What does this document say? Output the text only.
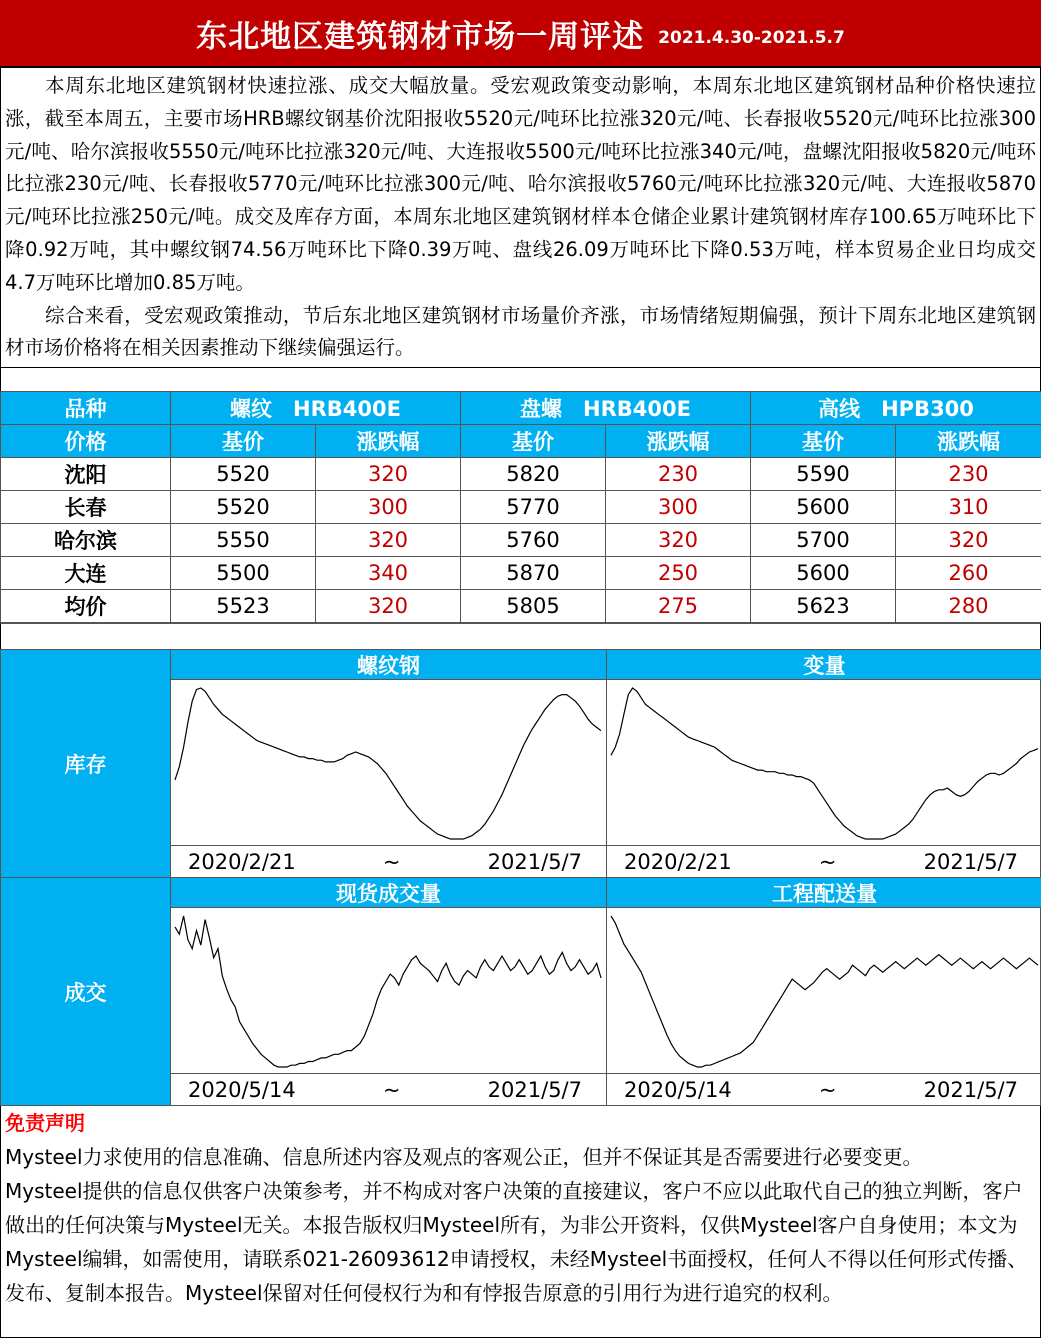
东北地区建筑钢材市场一周评述 2021.4.30-2021.5.7

本周东北地区建筑钢材快速拉涨、成交大幅放量。受宏观政策变动影响，本周东北地区建筑钢材品种价格快速拉涨，截至本周五，主要市场HRB螺纹钢基价沈阳报收5520元/吨环比拉涨320元/吨、长春报收5520元/吨环比拉涨300元/吨、哈尔滨报收5550元/吨环比拉涨320元/吨、大连报收5500元/吨环比拉涨340元/吨，盘螺沈阳报收5820元/吨环比拉涨230元/吨、长春报收5770元/吨环比拉涨300元/吨、哈尔滨报收5760元/吨环比拉涨320元/吨、大连报收5870元/吨环比拉涨250元/吨。成交及库存方面，本周东北地区建筑钢材样本仓储企业累计建筑钢材库存100.65万吨环比下降0.92万吨，其中螺纹钢74.56万吨环比下降0.39万吨、盘线26.09万吨环比下降0.53万吨，样本贸易企业日均成交4.7万吨环比增加0.85万吨。

综合来看，受宏观政策推动，节后东北地区建筑钢材市场量价齐涨，市场情绪短期偏强，预计下周东北地区建筑钢材市场价格将在相关因素推动下继续偏强运行。

品种	螺纹　HRB400E		盘螺　HRB400E		高线　HPB300	
价格	基价	涨跌幅	基价	涨跌幅	基价	涨跌幅
沈阳	5520	320	5820	230	5590	230
长春	5520	300	5770	300	5600	310
哈尔滨	5550	320	5760	320	5700	320
大连	5500	340	5870	250	5600	260
均价	5523	320	5805	275	5623	280
库存
螺纹钢
2020/2/21	~	2021/5/7
变量
2020/2/21	~	2021/5/7
成交
现货成交量
2020/5/14	~	2021/5/7
工程配送量
2020/5/14	~	2021/5/7
免责声明

Mysteel力求使用的信息准确、信息所述内容及观点的客观公正，但并不保证其是否需要进行必要变更。

Mysteel提供的信息仅供客户决策参考，并不构成对客户决策的直接建议，客户不应以此取代自己的独立判断，客户做出的任何决策与Mysteel无关。本报告版权归Mysteel所有，为非公开资料，仅供Mysteel客户自身使用；本文为Mysteel编辑，如需使用，请联系021-26093612申请授权，未经Mysteel书面授权，任何人不得以任何形式传播、发布、复制本报告。Mysteel保留对任何侵权行为和有悖报告原意的引用行为进行追究的权利。
